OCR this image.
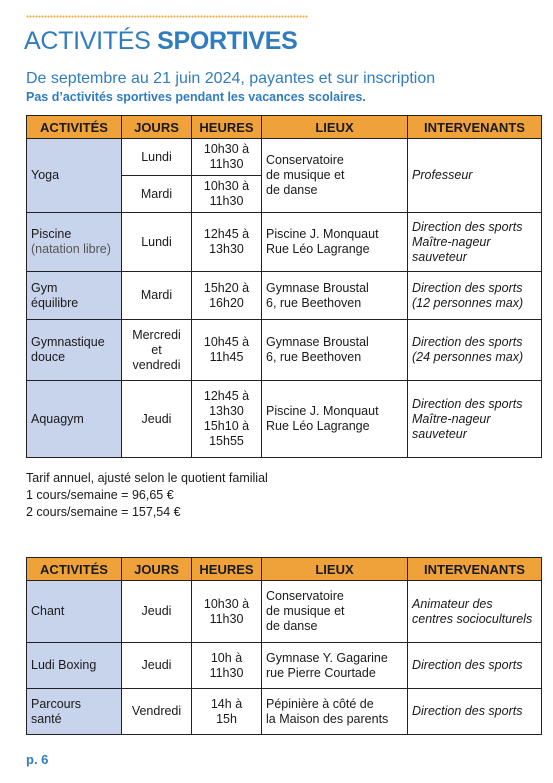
ACTIVITÉS SPORTIVES
De septembre au 21 juin 2024, payantes et sur inscription
Pas d’activités sportives pendant les vacances scolaires.
ACTIVITÉS	JOURS	HEURES	LIEUX	INTERVENANTS
Yoga	Lundi	10h30 à
11h30	Conservatoire
de musique et
de danse	Professeur
	Mardi	10h30 à
11h30		

Piscine
(natation libre)	Lundi	12h45 à
13h30	Piscine J. Monquaut
Rue Léo Lagrange	Direction des sports
Maître-nageur
sauveteur

Gym
équilibre	Mardi	15h20 à
16h20	Gymnase Broustal
6, rue Beethoven	Direction des sports
(12 personnes max)

Gymnastique
douce	Mercredi
et
vendredi	10h45 à
11h45	Gymnase Broustal
6, rue Beethoven	Direction des sports
(24 personnes max)

Aquagym	Jeudi	12h45 à
13h30
15h10 à
15h55	Piscine J. Monquaut
Rue Léo Lagrange	Direction des sports
Maître-nageur
sauveteur
Tarif annuel, ajusté selon le quotient familial
1 cours/semaine = 96,65 €
2 cours/semaine = 157,54 €
ACTIVITÉS	JOURS	HEURES	LIEUX	INTERVENANTS
Chant	Jeudi	10h30 à
11h30	Conservatoire
de musique et
de danse	Animateur des
centres socioculturels

Ludi Boxing	Jeudi	10h à
11h30	Gymnase Y. Gagarine
rue Pierre Courtade	Direction des sports

Parcours
santé	Vendredi	14h à
15h	Pépinière à côté de
la Maison des parents	Direction des sports
p. 6
